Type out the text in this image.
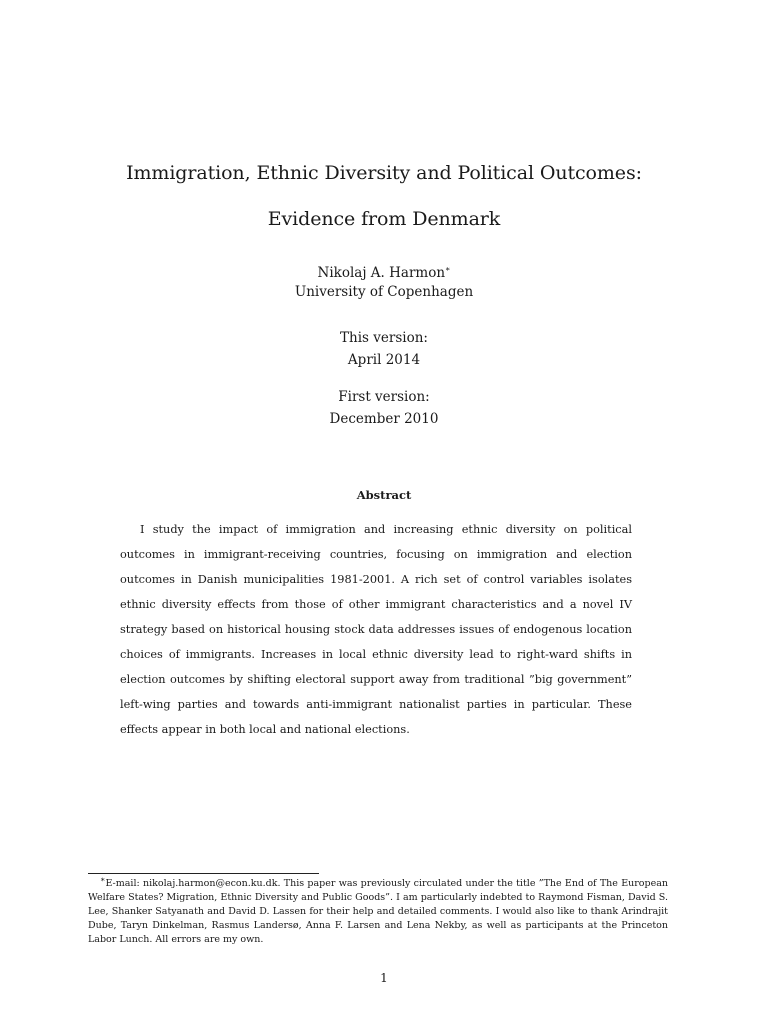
Immigration, Ethnic Diversity and Political Outcomes:
Evidence from Denmark
Nikolaj A. Harmon∗
University of Copenhagen
This version:
April 2014
First version:
December 2010
Abstract

I study the impact of immigration and increasing ethnic diversity on political outcomes in immigrant-receiving countries, focusing on immigration and election outcomes in Danish municipalities 1981-2001. A rich set of control variables isolates ethnic diversity effects from those of other immigrant characteristics and a novel IV strategy based on historical housing stock data addresses issues of endogenous location choices of immigrants. Increases in local ethnic diversity lead to right-ward shifts in election outcomes by shifting electoral support away from traditional ”big government” left-wing parties and towards anti-immigrant nationalist parties in particular. These effects appear in both local and national elections.

∗E-mail: nikolaj.harmon@econ.ku.dk. This paper was previously circulated under the title ”The End of The European Welfare States? Migration, Ethnic Diversity and Public Goods”. I am particularly indebted to Raymond Fisman, David S. Lee, Shanker Satyanath and David D. Lassen for their help and detailed comments. I would also like to thank Arindrajit Dube, Taryn Dinkelman, Rasmus Landersø, Anna F. Larsen and Lena Nekby, as well as participants at the Princeton Labor Lunch. All errors are my own.

1
